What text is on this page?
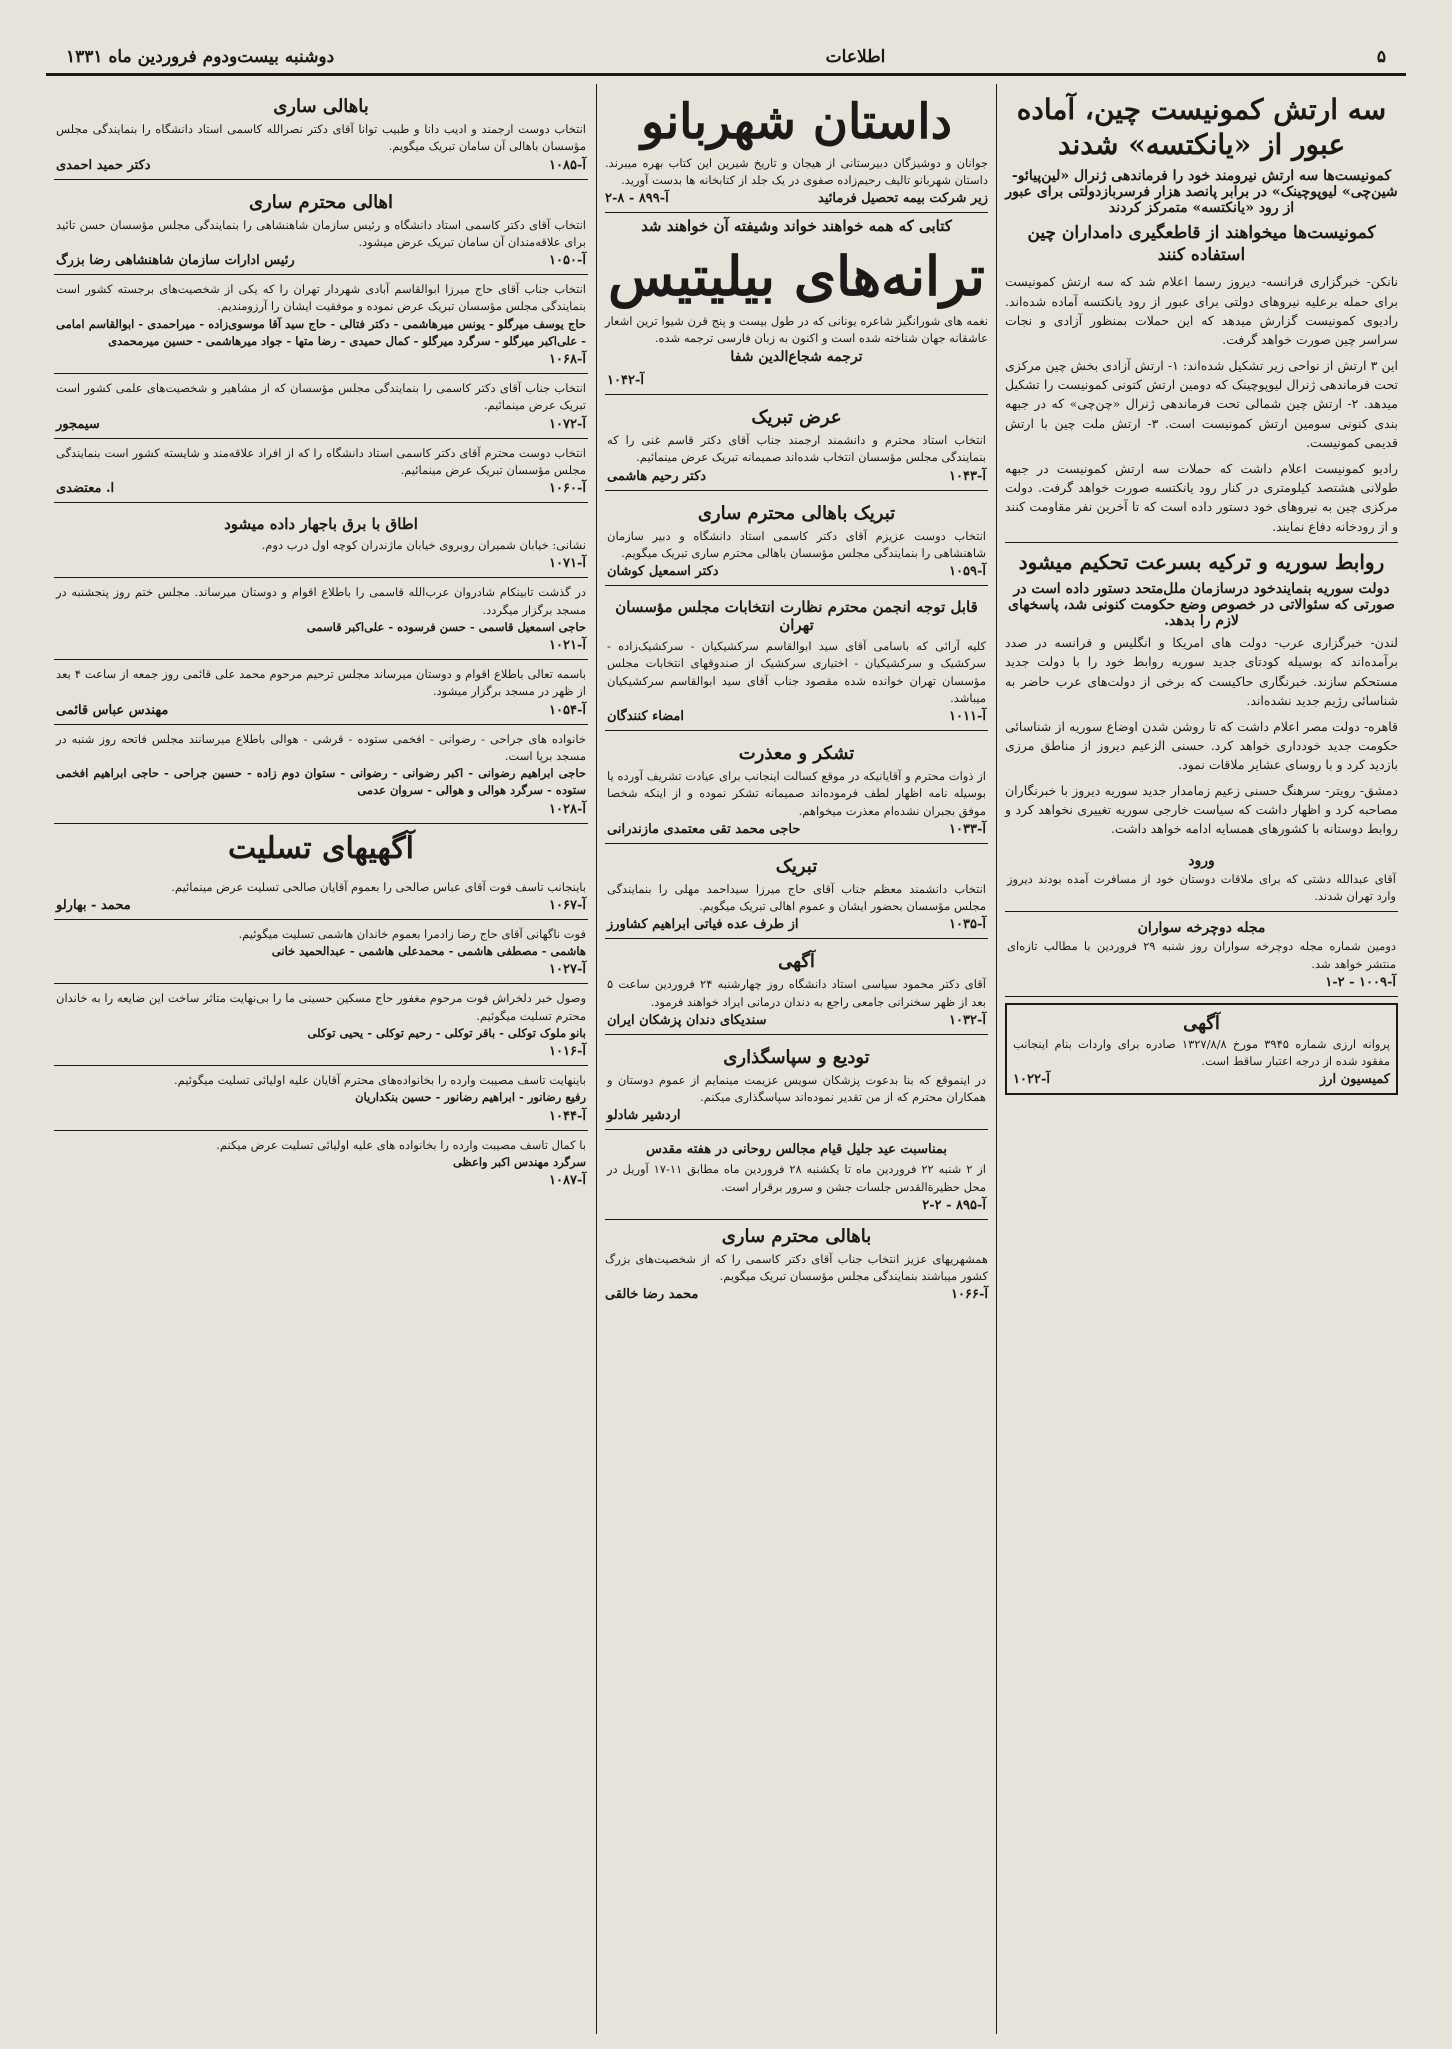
۵
اطلاعات
دوشنبه بیست‌ودوم فروردین ماه ۱۳۳۱
سه ارتش کمونیست چین، آماده عبور از «یانکتسه» شدند
کمونیست‌ها سه ارتش نیرومند خود را فرماندهی ژنرال «لین‌پیائو-شین‌چی» لیوپوچینک» در برابر پانصد هزار فرسربازدولتی برای عبور از رود «یانکتسه» متمرکز کردند
کمونیست‌ها میخواهند از قاطعگیری دامداران چین استفاده کنند

نانکن- خبرگزاری فرانسه- دیروز رسما اعلام شد که سه ارتش کمونیست برای حمله برعلیه نیروهای دولتی برای عبور از رود یانکتسه آماده شده‌اند. رادیوی کمونیست گزارش میدهد که این حملات بمنظور آزادی و نجات سراسر چین صورت خواهد گرفت.

این ۳ ارتش از نواحی زیر تشکیل شده‌اند: ۱- ارتش آزادی بخش چین مرکزی تحت فرماندهی ژنرال لیوپوچینک که دومین ارتش کتونی کمونیست را تشکیل میدهد. ۲- ارتش چین شمالی تحت فرماندهی ژنرال «چن‌چی» که در جبهه بندی کنونی سومین ارتش کمونیست است. ۳- ارتش ملت چین با ارتش قدیمی کمونیست.

رادیو کمونیست اعلام داشت که حملات سه ارتش کمونیست در جبهه طولانی هشتصد کیلومتری در کنار رود یانکتسه صورت خواهد گرفت. دولت مرکزی چین به نیروهای خود دستور داده است که تا آخرین نفر مقاومت کنند و از رودخانه دفاع نمایند.

روابط سوریه و ترکیه بسرعت تحکیم میشود
دولت سوریه بنمایندخود درسازمان ملل‌متحد دستور داده است در صورتی که سئوالاتی در خصوص وضع حکومت کنونی شد، پاسخهای لازم را بدهد.

لندن- خبرگزاری عرب- دولت های امریکا و انگلیس و فرانسه در صدد برآمده‌اند که بوسیله کودتای جدید سوریه روابط خود را با دولت جدید مستحکم سازند. خبرنگاری حاکیست که برخی از دولت‌های عرب حاضر به شناسائی رژیم جدید نشده‌اند.

قاهره- دولت مصر اعلام داشت که تا روشن شدن اوضاع سوریه از شناسائی حکومت جدید خودداری خواهد کرد. حسنی الزعیم دیروز از مناطق مرزی بازدید کرد و با روسای عشایر ملاقات نمود.

دمشق- رویتر- سرهنگ حسنی زعیم زمامدار جدید سوریه دیروز با خبرنگاران مصاحبه کرد و اظهار داشت که سیاست خارجی سوریه تغییری نخواهد کرد و روابط دوستانه با کشورهای همسایه ادامه خواهد داشت.

ورود

آقای عبدالله دشتی که برای ملاقات دوستان خود از مسافرت آمده بودند دیروز وارد تهران شدند.

مجله دوچرخه سواران

دومین شماره مجله دوچرخه سواران روز شنبه ۲۹ فروردین با مطالب تازه‌ای منتشر خواهد شد.

آ-۱۰۰۹ - ۲-۱
آگهی

پروانه ارزی شماره ۳۹۴۵ مورخ ۱۳۲۷/۸/۸ صادره برای واردات بنام اینجانب مفقود شده از درجه اعتبار ساقط است.

کمیسیون ارز
آ-۱۰۲۲
داستان شهربانو

جوانان و دوشیزگان دبیرستانی از هیجان و تاریخ شیرین این کتاب بهره میبرند. داستان شهربانو تالیف رحیم‌زاده صفوی در یک جلد از کتابخانه ها بدست آورید.

زیر شرکت بیمه تحصیل فرمائید
آ-۸۹۹ - ۸-۲
کتابی که همه خواهند خواند وشیفته آن خواهند شد
ترانه‌های بیلیتیس

نغمه های شورانگیز شاعره یونانی که در طول بیست و پنج قرن شیوا ترین اشعار عاشقانه جهان شناخته شده است و اکنون به زبان فارسی ترجمه شده.

ترجمه شجاع‌الدین شفا
آ-۱۰۴۲
عرض تبریک

انتخاب استاد محترم و دانشمند ارجمند جناب آقای دکتر قاسم غنی را که بنمایندگی مجلس مؤسسان انتخاب شده‌اند صمیمانه تبریک عرض مینمائیم.

آ-۱۰۴۳
دکتر رحیم هاشمی
تبریک باهالی محترم ساری

انتخاب دوست عزیزم آقای دکتر کاسمی استاد دانشگاه و دبیر سازمان شاهنشاهی را بنمایندگی مجلس مؤسسان باهالی محترم ساری تبریک میگویم.

آ-۱۰۵۹
دکتر اسمعیل کوشان
قابل توجه انجمن محترم نظارت انتخابات مجلس مؤسسان تهران

کلیه آرائی که باسامی آقای سید ابوالقاسم سرکشیکیان - سرکشیک‌زاده - سرکشیک و سرکشیکیان - اختیاری سرکشیک از صندوقهای انتخابات مجلس مؤسسان تهران خوانده شده مقصود جناب آقای سید ابوالقاسم سرکشیکیان میباشد.

آ-۱۰۱۱
امضاء کنندگان
تشکر و معذرت

از ذوات محترم و آقایانیکه در موقع کسالت اینجانب برای عیادت تشریف آورده یا بوسیله نامه اظهار لطف فرموده‌اند صمیمانه تشکر نموده و از اینکه شخصا موفق بجبران نشده‌ام معذرت میخواهم.

آ-۱۰۳۳
حاجی محمد تقی معتمدی مازندرانی
تبریک

انتخاب دانشمند معظم جناب آقای حاج میرزا سیداحمد مهلی را بنمایندگی مجلس مؤسسان بحضور ایشان و عموم اهالی تبریک میگویم.

آ-۱۰۳۵
از طرف عده فیاتی ابراهیم کشاورز
آگهی

آقای دکتر محمود سیاسی استاد دانشگاه روز چهارشنبه ۲۴ فروردین ساعت ۵ بعد از ظهر سخنرانی جامعی راجع به دندان درمانی ایراد خواهند فرمود.

آ-۱۰۳۲
سندیکای دندان پزشکان ایران
تودیع و سپاسگذاری

در اینموقع که بنا بدعوت پزشکان سویس عزیمت مینمایم از عموم دوستان و همکاران محترم که از من تقدیر نموده‌اند سپاسگذاری میکنم.

اردشیر شادلو
بمناسبت عید جلیل قیام مجالس روحانی در هفته مقدس

از ۲ شنبه ۲۲ فروردین ماه تا یکشنبه ۲۸ فروردین ماه مطابق ۱۱-۱۷ آوریل در محل حظیرة‌القدس جلسات جشن و سرور برقرار است.

آ-۸۹۵ - ۲-۲
باهالی محترم ساری

همشهریهای عزیز انتخاب جناب آقای دکتر کاسمی را که از شخصیت‌های بزرگ کشور میباشند بنمایندگی مجلس مؤسسان تبریک میگویم.

آ-۱۰۶۶
محمد رضا خالقی
باهالی ساری

انتخاب دوست ارجمند و ادیب دانا و طبیب توانا آقای دکتر نصرالله کاسمی استاد دانشگاه را بنمایندگی مجلس مؤسسان باهالی آن سامان تبریک میگویم.

آ-۱۰۸۵
دکتر حمید احمدی
اهالی محترم ساری

انتخاب آقای دکتر کاسمی استاد دانشگاه و رئیس سازمان شاهنشاهی را بنمایندگی مجلس مؤسسان حسن تائید برای علاقه‌مندان آن سامان تبریک عرض میشود.

آ-۱۰۵۰
رئیس ادارات سازمان شاهنشاهی رضا بزرگ

انتخاب جناب آقای حاج میرزا ابوالقاسم آبادی شهردار تهران را که یکی از شخصیت‌های برجسته کشور است بنمایندگی مجلس مؤسسان تبریک عرض نموده و موفقیت ایشان را آرزومندیم.

حاج یوسف میرگلو - یونس میرهاشمی - دکتر فتالی - حاج سید آقا موسوی‌زاده - میراحمدی - ابوالقاسم امامی - علی‌اکبر میرگلو - سرگرد میرگلو - کمال حمیدی - رضا متها - جواد میرهاشمی - حسین میرمحمدی

آ-۱۰۶۸

انتخاب جناب آقای دکتر کاسمی را بنمایندگی مجلس مؤسسان که از مشاهیر و شخصیت‌های علمی کشور است تبریک عرض مینمائیم.

آ-۱۰۷۲
سیمجور

انتخاب دوست محترم آقای دکتر کاسمی استاد دانشگاه را که از افراد علاقه‌مند و شایسته کشور است بنمایندگی مجلس مؤسسان تبریک عرض مینمائیم.

آ-۱۰۶۰
ا. معتضدی
اطاق با برق باجهار داده میشود

نشانی: خیابان شمیران روبروی خیابان ماژندران کوچه اول درب دوم.

آ-۱۰۷۱

در گذشت تابینکام شادروان عرب‌الله قاسمی را باطلاع اقوام و دوستان میرساند. مجلس ختم روز پنجشنبه در مسجد برگزار میگردد.

حاجی اسمعیل قاسمی - حسن فرسوده - علی‌اکبر قاسمی

آ-۱۰۲۱

باسمه تعالی باطلاع اقوام و دوستان میرساند مجلس ترحیم مرحوم محمد علی قائمی روز جمعه از ساعت ۴ بعد از ظهر در مسجد برگزار میشود.

آ-۱۰۵۴
مهندس عباس قائمی

خانواده های جراحی - رضوانی - افخمی ستوده - قرشی - هوالی باطلاع میرسانند مجلس فاتحه روز شنبه در مسجد برپا است.

حاجی ابراهیم رضوانی - اکبر رضوانی - رضوانی - ستوان دوم زاده - حسین جراحی - حاجی ابراهیم افخمی ستوده - سرگرد هوالی و هوالی - سروان عدمی

آ-۱۰۲۸
آگهیهای تسلیت

باینجانب تاسف فوت آقای عباس صالحی را بعموم آقایان صالحی تسلیت عرض مینمائیم.

آ-۱۰۶۷
محمد - بهارلو

فوت ناگهانی آقای حاج رضا زادمرا بعموم خاندان هاشمی تسلیت میگوئیم.

هاشمی - مصطفی هاشمی - محمدعلی هاشمی - عبدالحمید خانی

آ-۱۰۲۷

وصول خبر دلخراش فوت مرحوم مغفور حاج مسکین حسینی ما را بی‌نهایت متاثر ساخت این ضایعه را به خاندان محترم تسلیت میگوئیم.

بانو ملوک توکلی - باقر توکلی - رحیم توکلی - یحیی توکلی

آ-۱۰۱۶

باینهایت تاسف مصیبت وارده را بخانواده‌های محترم آقایان علیه اولیائی تسلیت میگوئیم.

رفیع رضانور - ابراهیم رضانور - حسین بنکداریان

آ-۱۰۴۴

با کمال تاسف مصیبت وارده را بخانواده های علیه اولیائی تسلیت عرض میکنم.

سرگرد مهندس اکبر واعظی

آ-۱۰۸۷
